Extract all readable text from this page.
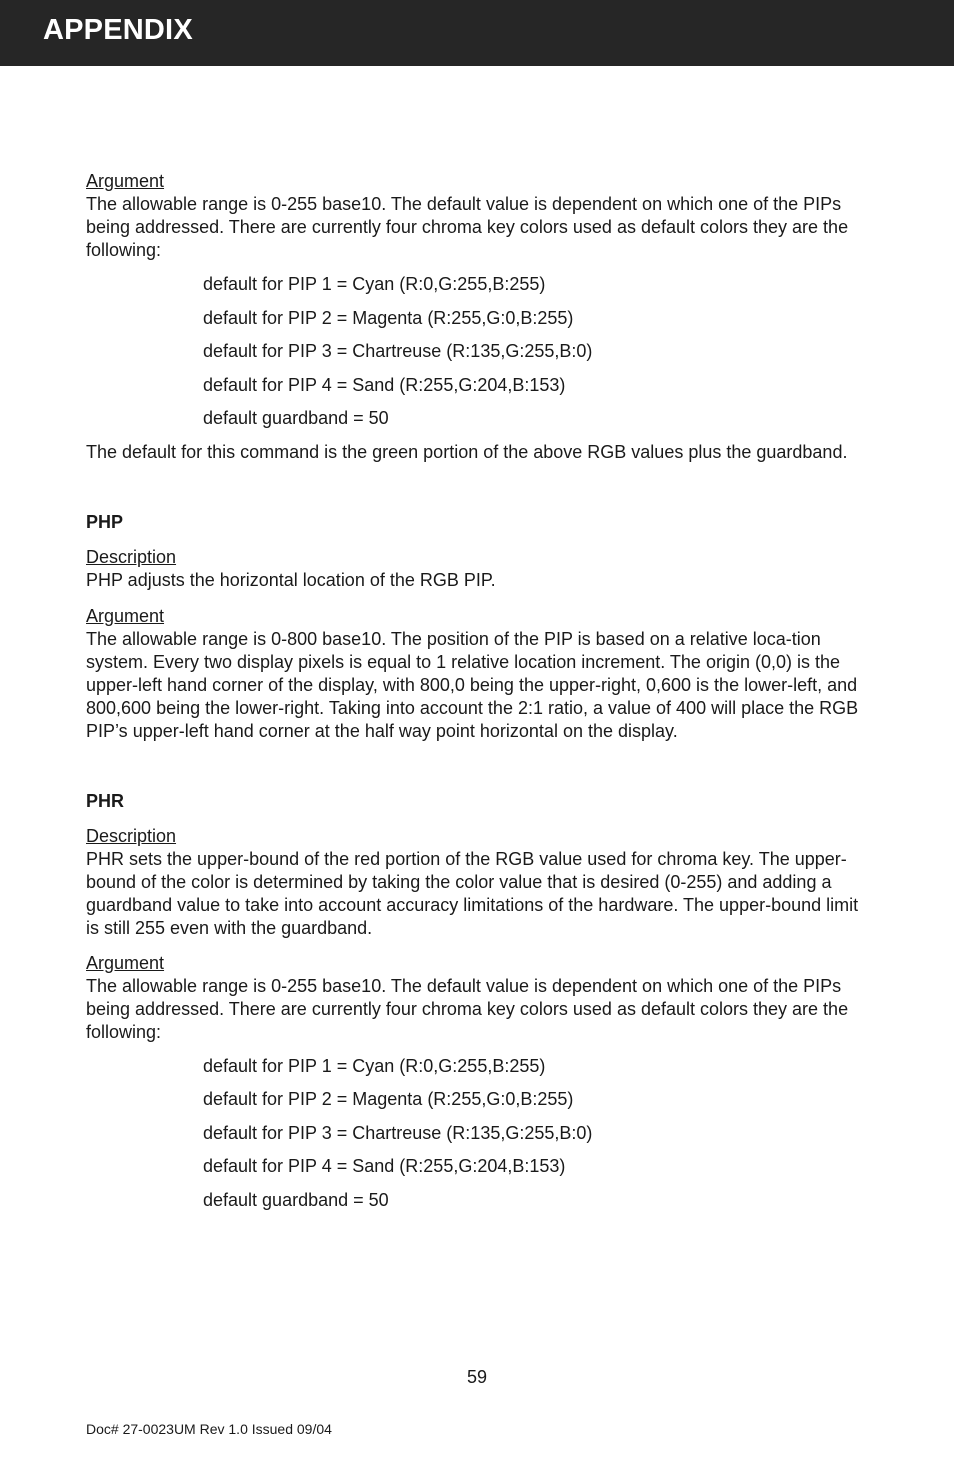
APPENDIX
Argument

The allowable range is 0-255 base10. The default value is dependent on which one of the PIPs being addressed. There are currently four chroma key colors used as default colors they are the following:

default for PIP 1 = Cyan (R:0,G:255,B:255)
default for PIP 2 = Magenta (R:255,G:0,B:255)
default for PIP 3 = Chartreuse (R:135,G:255,B:0)
default for PIP 4 = Sand (R:255,G:204,B:153)
default guardband = 50

The default for this command is the green portion of the above RGB values plus the guardband.

PHP
Description

PHP adjusts the horizontal location of the RGB PIP.

Argument

The allowable range is 0-800 base10. The position of the PIP is based on a relative loca-tion system. Every two display pixels is equal to 1 relative location increment. The origin (0,0) is the upper-left hand corner of the display, with 800,0 being the upper-right, 0,600 is the lower-left, and 800,600 being the lower-right. Taking into account the 2:1 ratio, a value of 400 will place the RGB PIP’s upper-left hand corner at the half way point horizontal on the display.

PHR
Description

PHR sets the upper-bound of the red portion of the RGB value used for chroma key. The upper-bound of the color is determined by taking the color value that is desired (0-255) and adding a guardband value to take into account accuracy limitations of the hardware. The upper-bound limit is still 255 even with the guardband.

Argument

The allowable range is 0-255 base10. The default value is dependent on which one of the PIPs being addressed. There are currently four chroma key colors used as default colors they are the following:

default for PIP 1 = Cyan (R:0,G:255,B:255)
default for PIP 2 = Magenta (R:255,G:0,B:255)
default for PIP 3 = Chartreuse (R:135,G:255,B:0)
default for PIP 4 = Sand (R:255,G:204,B:153)
default guardband = 50
59
Doc# 27-0023UM Rev 1.0 Issued 09/04
